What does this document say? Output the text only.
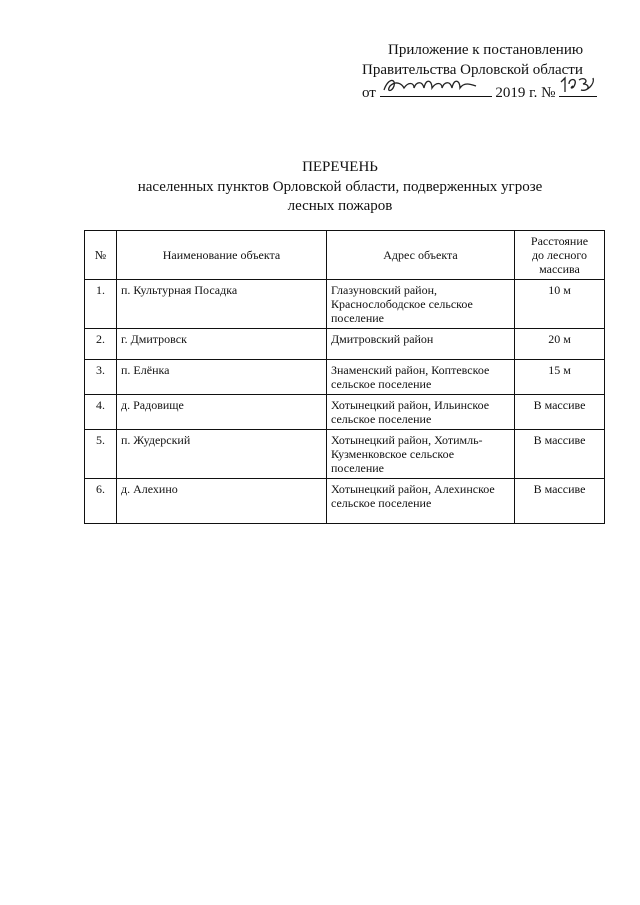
Приложение к постановлению
Правительства Орловской области
от	2019 г. №
ПЕРЕЧЕНЬ
населенных пунктов Орловской области, подверженных угрозе
лесных пожаров
№	Наименование объекта	Адрес объекта	Расстояние
до лесного
массива

1.	п. Культурная Посадка	Глазуновский район, Краснослободское сельское поселение	10 м
2.	г. Дмитровск	Дмитровский район	20 м
3.	п. Елёнка	Знаменский район, Коптевское сельское поселение	15 м
4.	д. Радовище	Хотынецкий район, Ильинское сельское поселение	В массиве
5.	п. Жудерский	Хотынецкий район, Хотимль-Кузменковское сельское поселение	В массиве
6.	д. Алехино	Хотынецкий район, Алехинское сельское поселение	В массиве
